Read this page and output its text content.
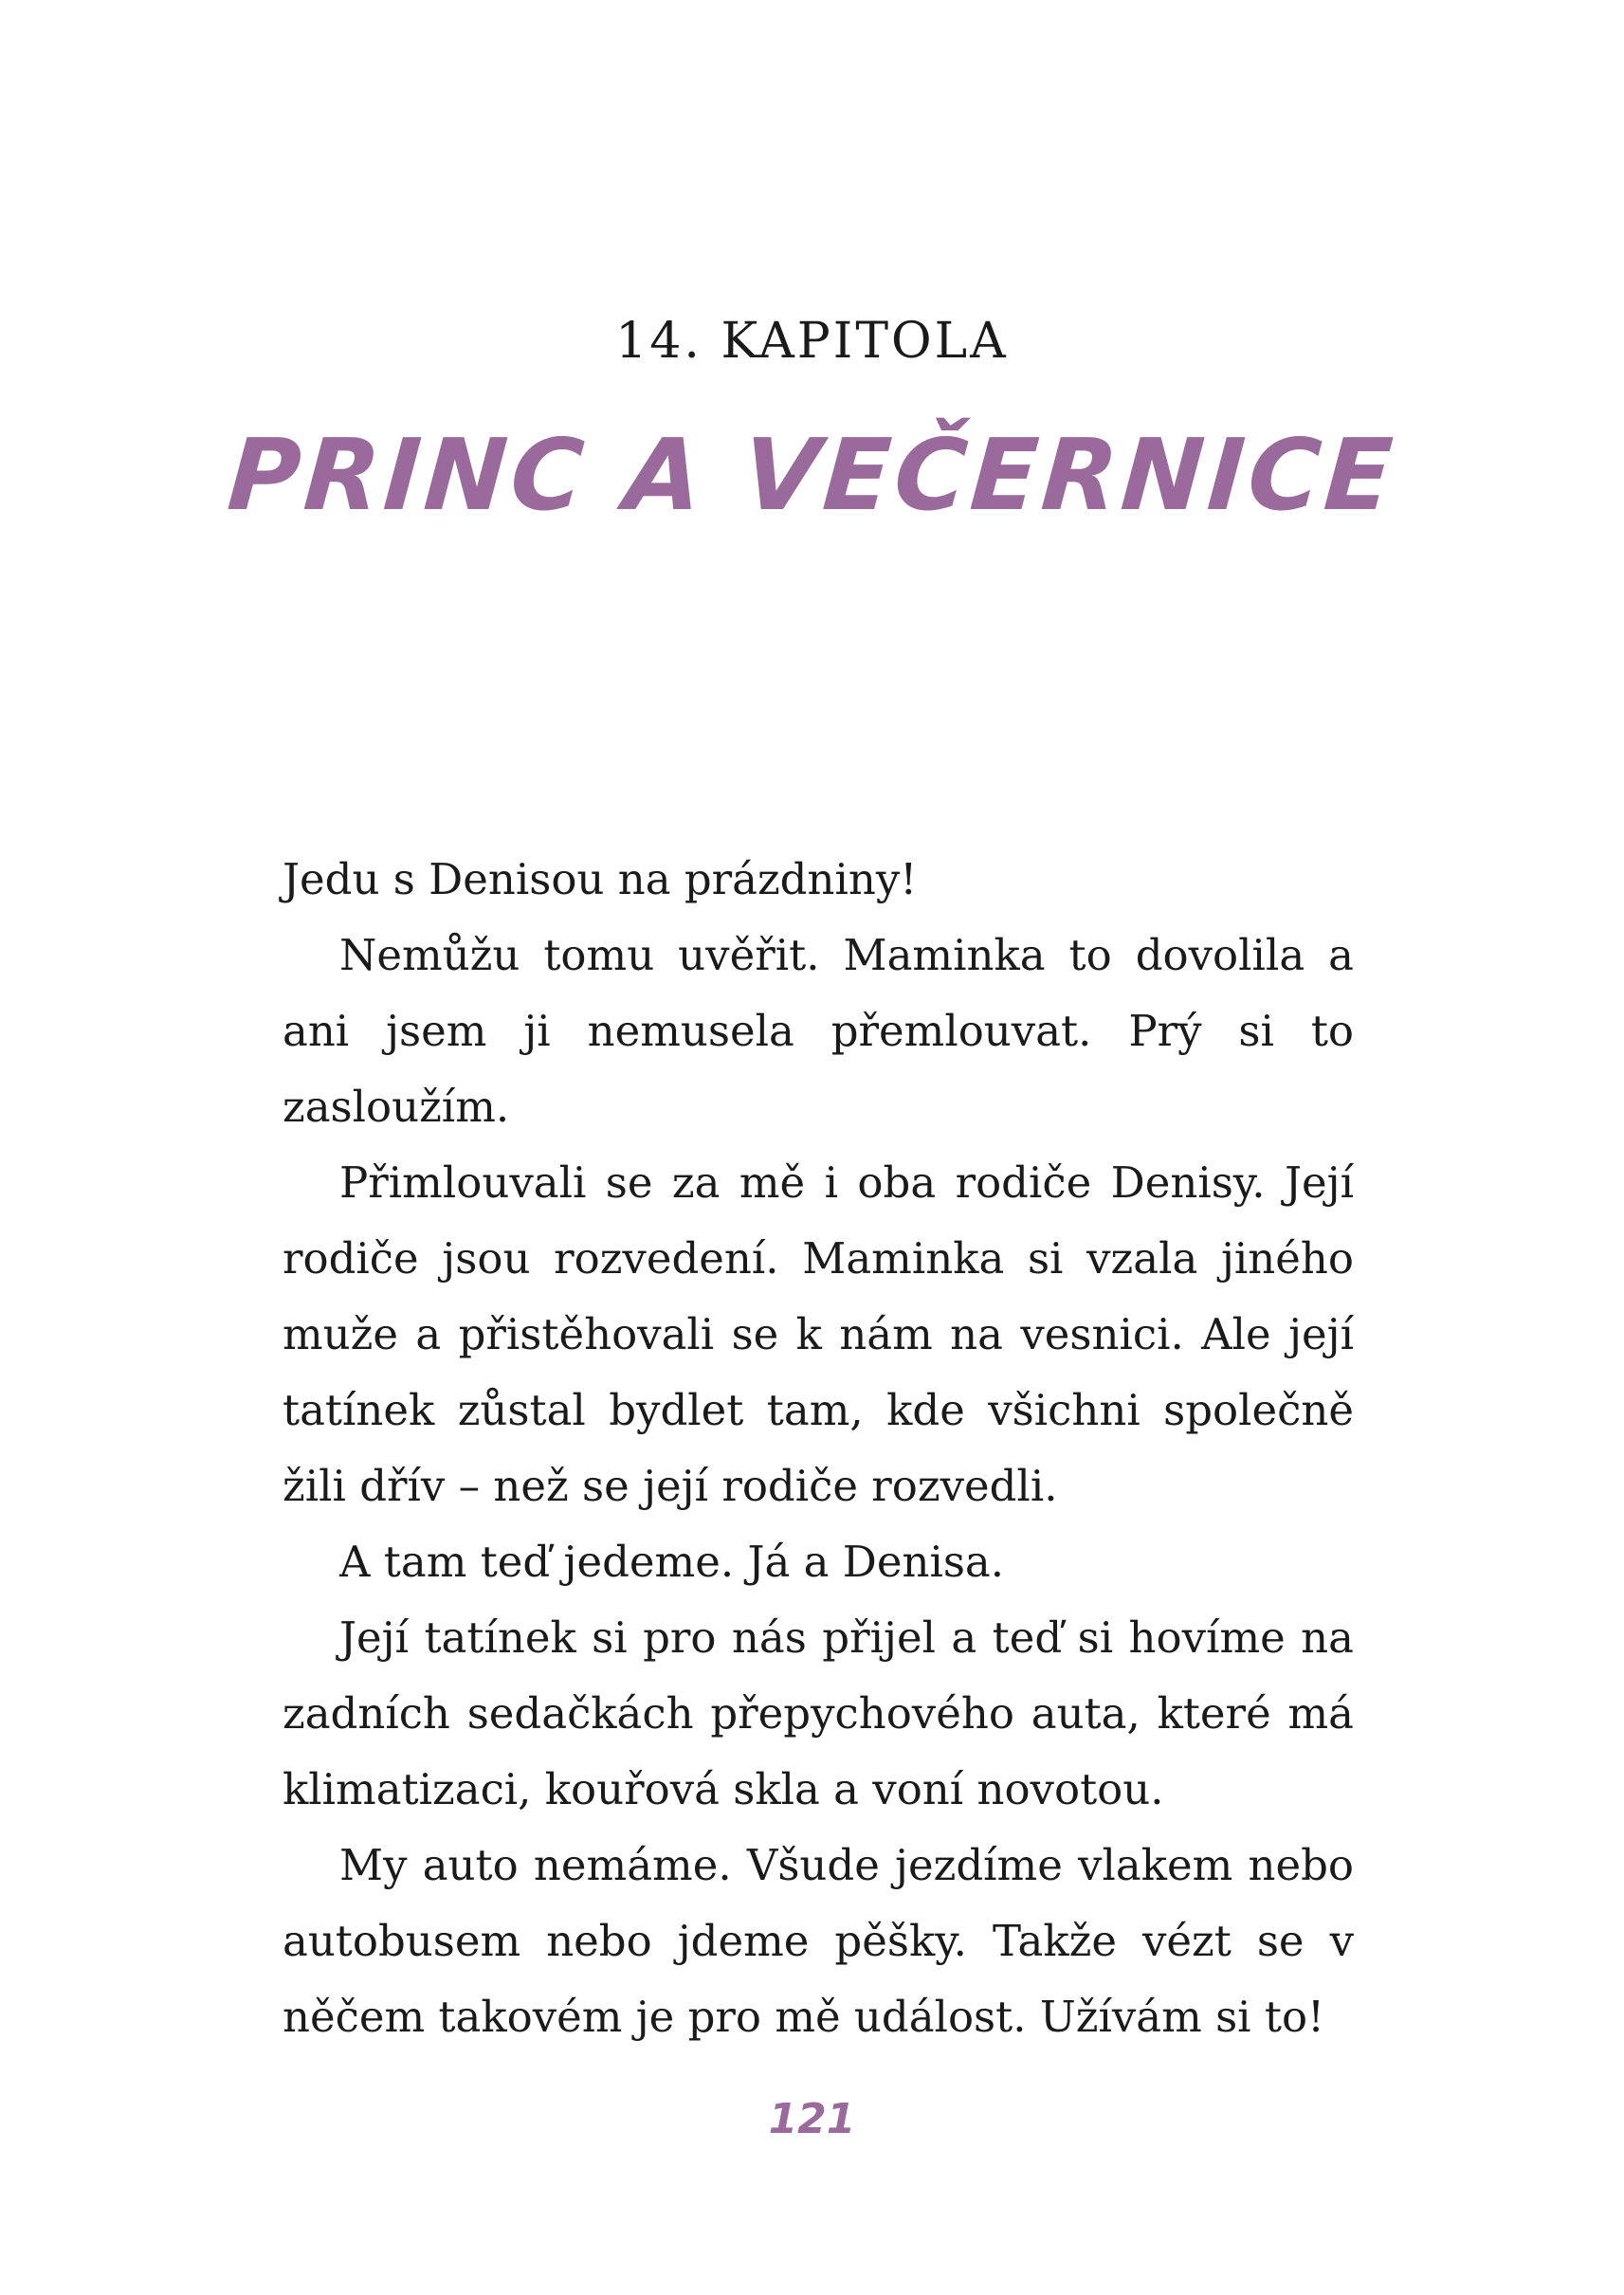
14. KAPITOLA
PRINC A VEČERNICE

Jedu s Denisou na prázdniny!

Nemůžu tomu uvěřit. Maminka to dovolila a ani jsem ji nemusela přemlouvat. Prý si to zasloužím.

Přimlouvali se za mě i oba rodiče Denisy. Její rodiče jsou rozvedení. Maminka si vzala jiného muže a přistěhovali se k nám na vesnici. Ale její tatínek zůstal bydlet tam, kde všichni společně žili dřív – než se její rodiče rozvedli.

A tam teď jedeme. Já a Denisa.

Její tatínek si pro nás přijel a teď si hovíme na zadních sedačkách přepychového auta, které má klimatizaci, kouřová skla a voní novotou.

My auto nemáme. Všude jezdíme vlakem nebo autobusem nebo jdeme pěšky. Takže vézt se v něčem takovém je pro mě událost. Užívám si to!

121
